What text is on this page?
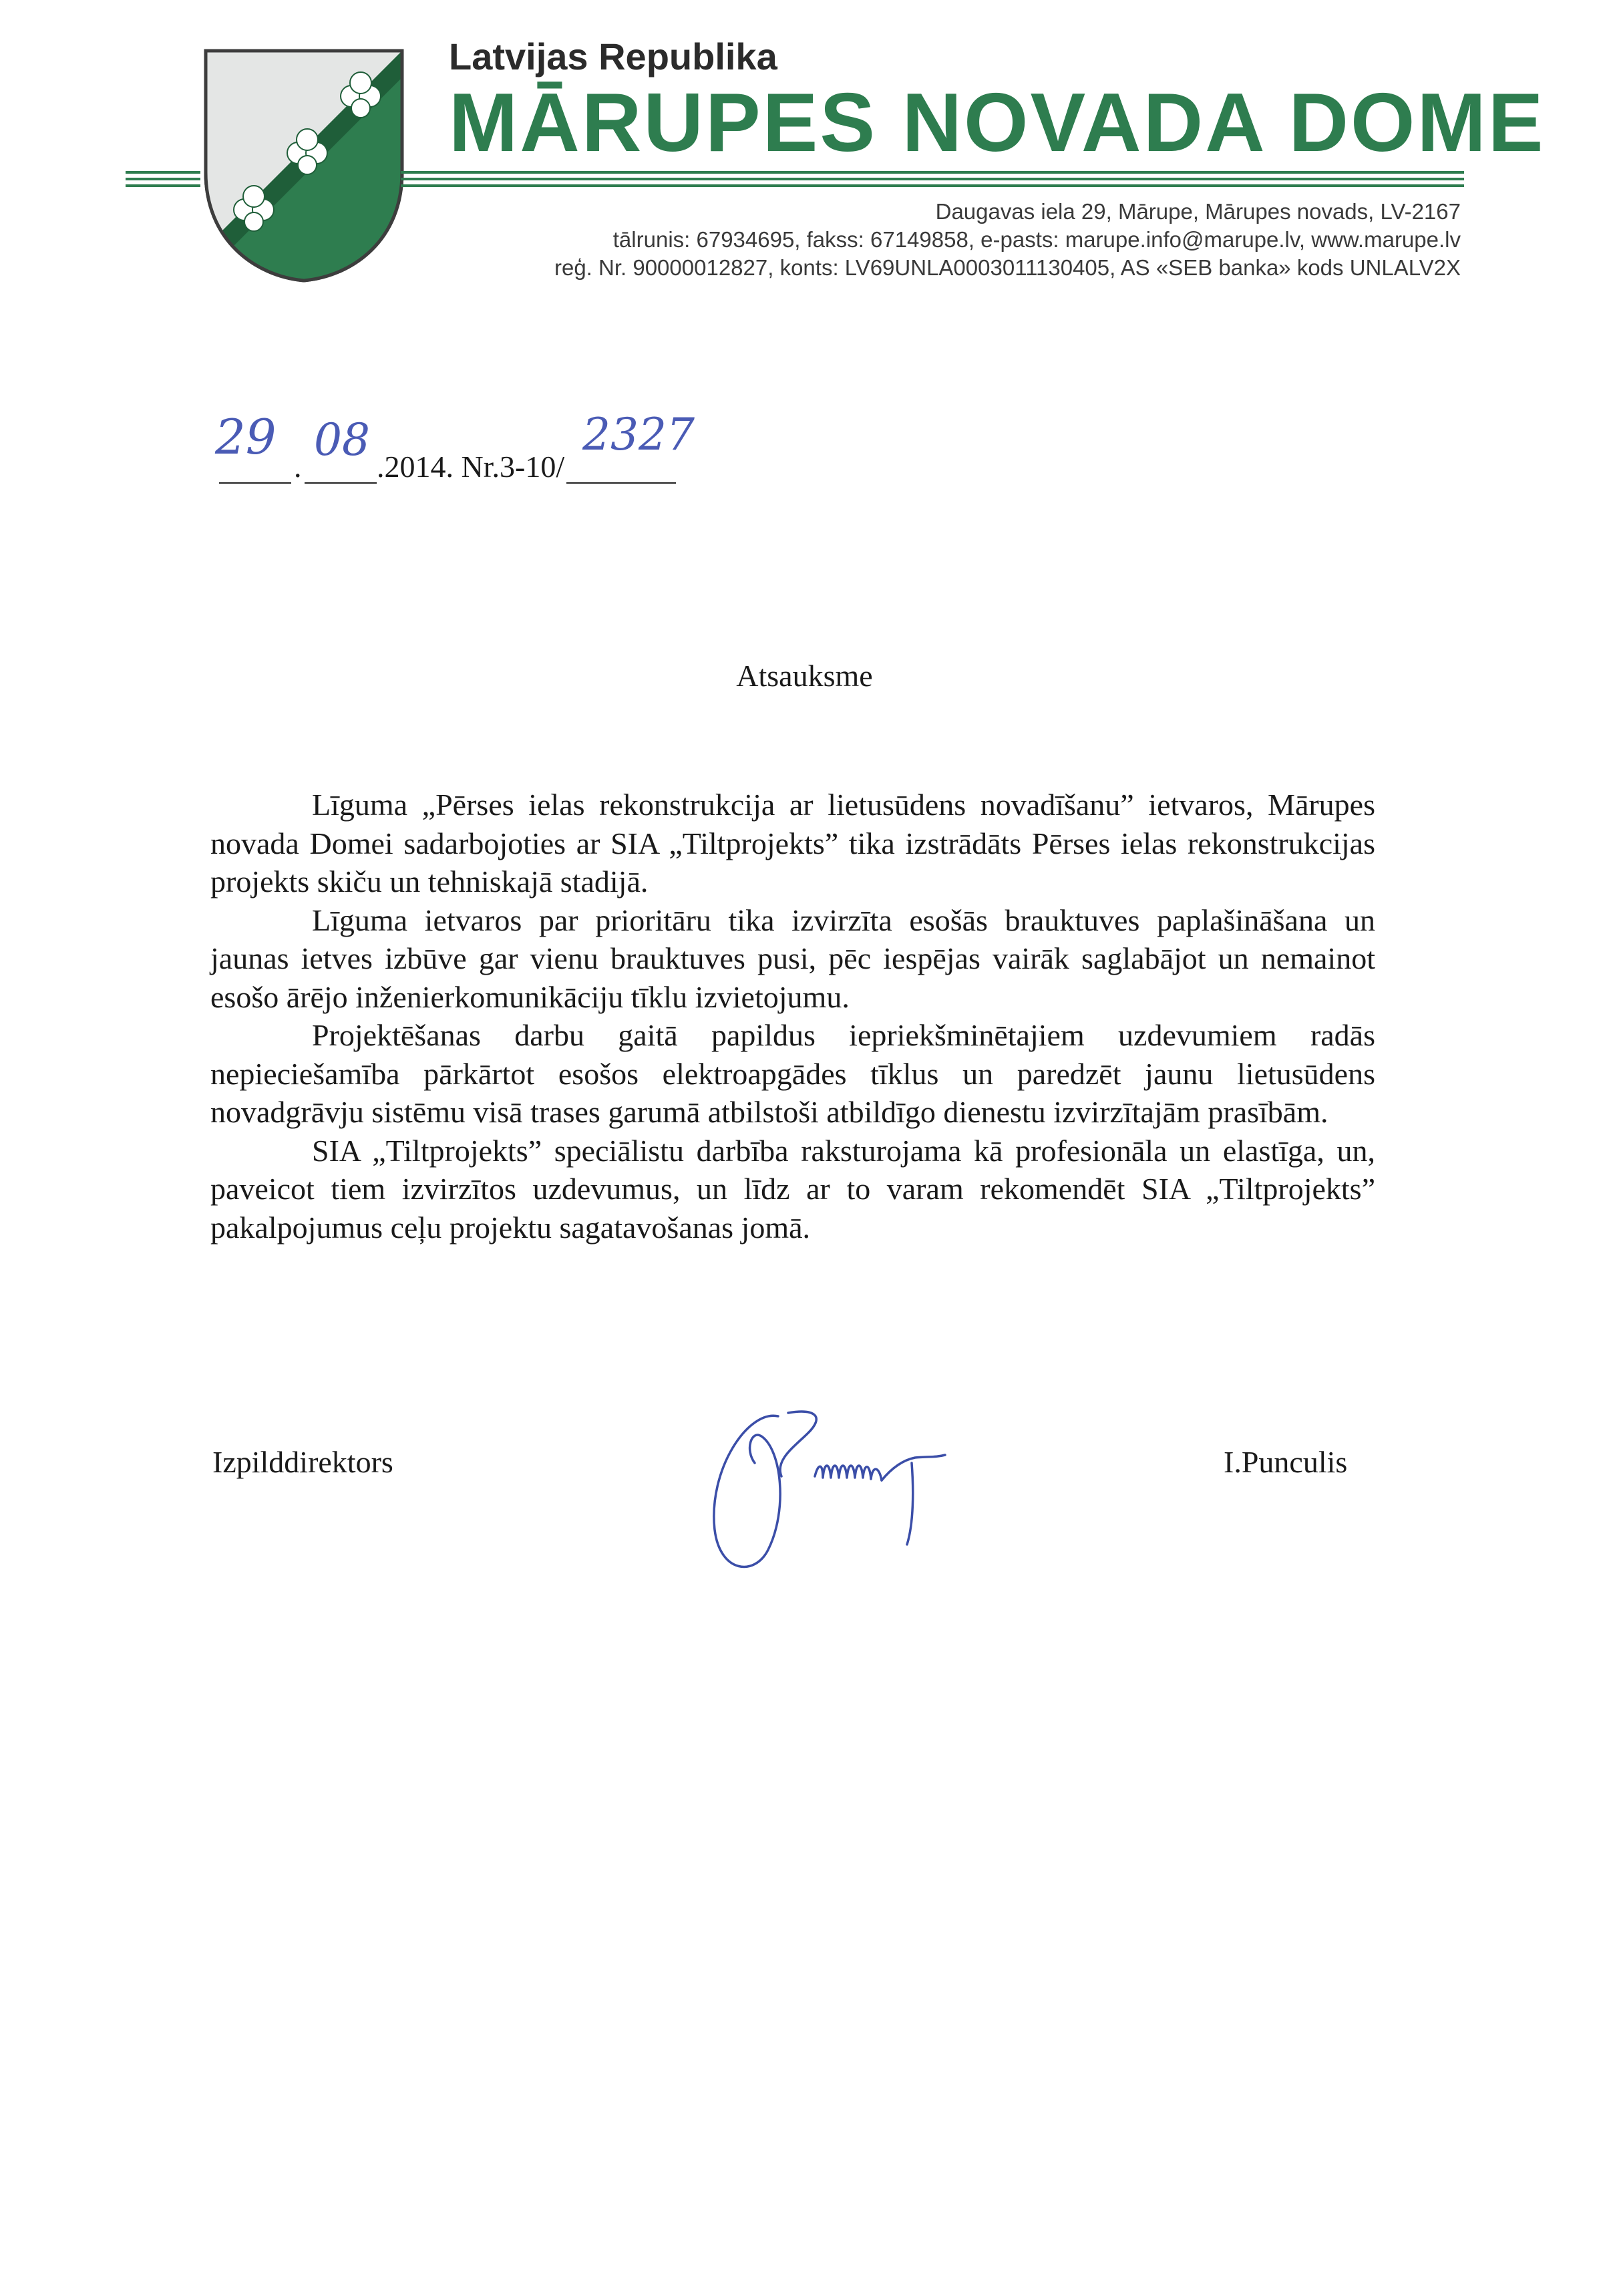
Latvijas Republika
MĀRUPES NOVADA DOME
Daugavas iela 29, Mārupe, Mārupes novads, LV-2167
tālrunis: 67934695, fakss: 67149858, e-pasts: marupe.info@marupe.lv, www.marupe.lv
reģ. Nr. 90000012827, konts: LV69UNLA0003011130405, AS «SEB banka» kods UNLALV2X
29
.
08
.2014. Nr.3-10/
2327
Atsauksme

Līguma „Pērses ielas rekonstrukcija ar lietusūdens novadīšanu” ietvaros, Mārupes novada Domei sadarbojoties ar SIA „Tiltprojekts” tika izstrādāts Pērses ielas rekonstrukcijas projekts skiču un tehniskajā stadijā.

Līguma ietvaros par prioritāru tika izvirzīta esošās brauktuves paplašināšana un jaunas ietves izbūve gar vienu brauktuves pusi, pēc iespējas vairāk saglabājot un nemainot esošo ārējo inženierkomunikāciju tīklu izvietojumu.

Projektēšanas darbu gaitā papildus iepriekšminētajiem uzdevumiem radās nepieciešamība pārkārtot esošos elektroapgādes tīklus un paredzēt jaunu lietusūdens novadgrāvju sistēmu visā trases garumā atbilstoši atbildīgo dienestu izvirzītajām prasībām.

SIA „Tiltprojekts” speciālistu darbība raksturojama kā profesionāla un elastīga, un, paveicot tiem izvirzītos uzdevumus, un līdz ar to varam rekomendēt SIA „Tiltprojekts” pakalpojumus ceļu projektu sagatavošanas jomā.

Izpilddirektors	I.Punculis
